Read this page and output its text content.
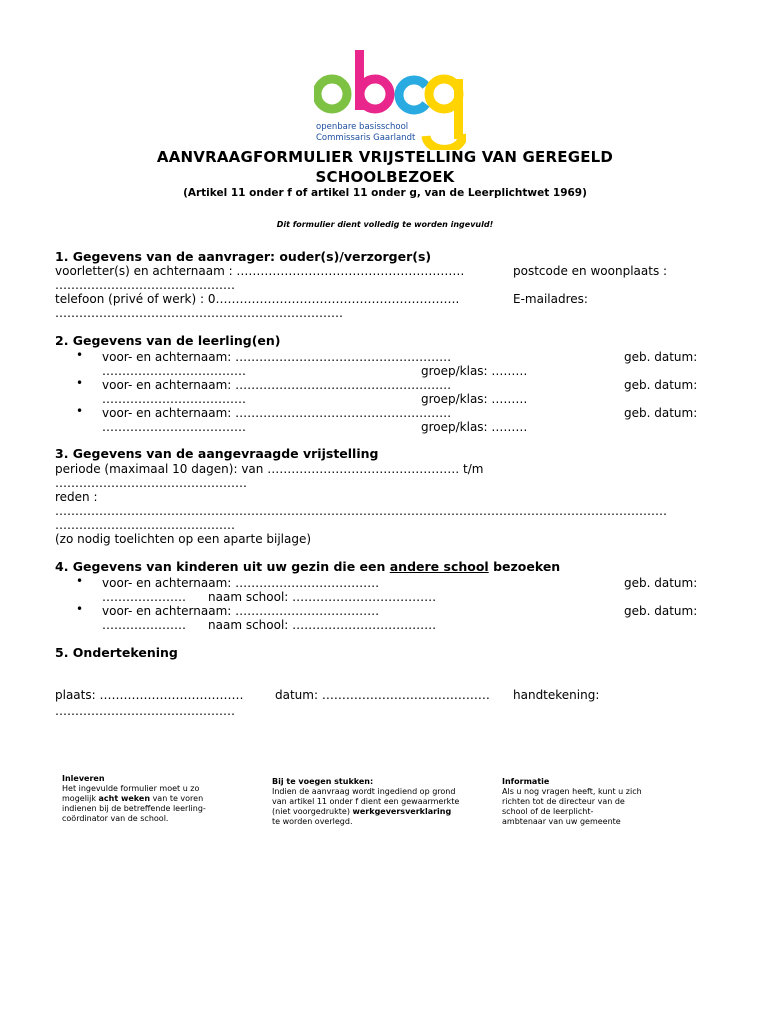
openbare basisschool
Commissaris Gaarlandt
AANVRAAGFORMULIER VRIJSTELLING VAN GEREGELD
SCHOOLBEZOEK
(Artikel 11 onder f of artikel 11 onder g, van de Leerplichtwet 1969)
Dit formulier dient volledig te worden ingevuld!
1. Gegevens van de aanvrager: ouder(s)/verzorger(s)
voorletter(s) en achternaam : …………………………………………………	postcode en woonplaats :
………………………………………
telefoon (privé of werk) : 0…………………………………………………….	E-mailadres:
………………………………………………………………
2. Gegevens van de leerling(en)
• voor- en achternaam: ………………………………………………	geb. datum:
………………………………	groep/klas: ………
• voor- en achternaam: ………………………………………………	geb. datum:
………………………………	groep/klas: ………
• voor- en achternaam: ………………………………………………	geb. datum:
………………………………	groep/klas: ………
3. Gegevens van de aangevraagde vrijstelling
periode (maximaal 10 dagen): van ………………………………………… t/m
…………………………………………
reden :
………………………………………………………………………………………………………………………………………
………………………………………
(zo nodig toelichten op een aparte bijlage)
4. Gegevens van kinderen uit uw gezin die een andere school bezoeken
• voor- en achternaam: ………………………………	geb. datum:
………………… naam school: ………………………………
• voor- en achternaam: ………………………………	geb. datum:
………………… naam school: ………………………………
5. Ondertekening
plaats: ………………………………	datum: …………………………………… handtekening:
………………………………………
Inleveren
Het ingevulde formulier moet u zo
mogelijk acht weken van te voren
indienen bij de betreffende leerling-
coördinator van de school.
Bij te voegen stukken:
Indien de aanvraag wordt ingediend op grond
van artikel 11 onder f dient een gewaarmerkte
(niet voorgedrukte) werkgeversverklaring
te worden overlegd.
Informatie
Als u nog vragen heeft, kunt u zich
richten tot de directeur van de
school of de leerplicht-
ambtenaar van uw gemeente
